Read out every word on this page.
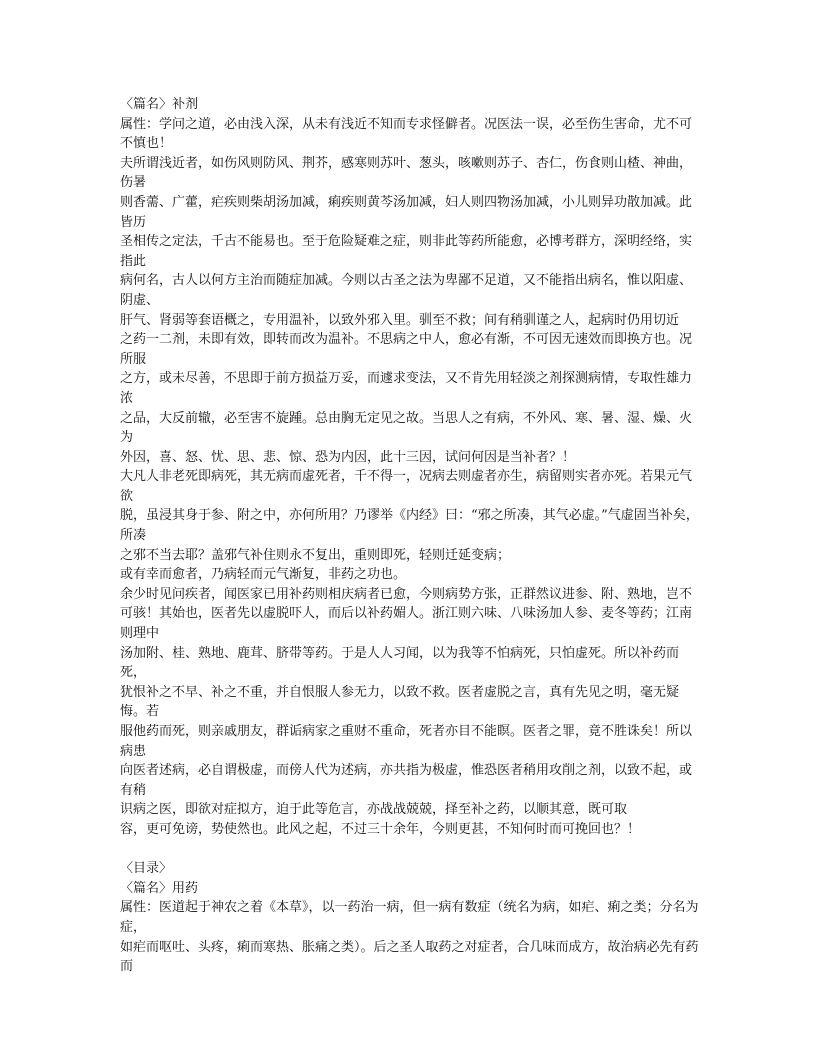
〈篇名〉补剂
属性：学问之道，必由浅入深，从未有浅近不知而专求怪僻者。况医法一误，必至伤生害命，尤不可不慎也！
夫所谓浅近者，如伤风则防风、荆芥，感寒则苏叶、葱头，咳嗽则苏子、杏仁，伤食则山楂、神曲，伤暑
则香薷、广藿，疟疾则柴胡汤加减，痢疾则黄芩汤加减，妇人则四物汤加减，小儿则异功散加减。此皆历
圣相传之定法，千古不能易也。至于危险疑难之症，则非此等药所能愈，必博考群方，深明经络，实指此
病何名，古人以何方主治而随症加减。今则以古圣之法为卑鄙不足道，又不能指出病名，惟以阳虚、阴虚、
肝气、肾弱等套语概之，专用温补，以致外邪入里。驯至不救；间有稍驯谨之人，起病时仍用切近
之药一二剂，未即有效，即转而改为温补。不思病之中人，愈必有渐，不可因无速效而即换方也。况所服
之方，或未尽善，不思即于前方损益万妥，而遽求变法，又不肯先用轻淡之剂探测病情，专取性雄力浓
之品，大反前辙，必至害不旋踵。总由胸无定见之故。当思人之有病，不外风、寒、暑、湿、燥、火为
外因，喜、怒、忧、思、悲、惊、恐为内因，此十三因，试问何因是当补者？！
大凡人非老死即病死，其无病而虚死者，千不得一，况病去则虚者亦生，病留则实者亦死。若果元气欲
脱，虽浸其身于参、附之中，亦何所用？乃谬举《内经》曰：“邪之所凑，其气必虚。”气虚固当补矣，所凑
之邪不当去耶？盖邪气补住则永不复出，重则即死，轻则迁延变病；
或有幸而愈者，乃病轻而元气渐复，非药之功也。
余少时见问疾者，闻医家已用补药则相庆病者已愈，今则病势方张，正群然议进参、附、熟地，岂不
可骇！其始也，医者先以虚脱吓人，而后以补药媚人。浙江则六味、八味汤加人参、麦冬等药；江南则理中
汤加附、桂、熟地、鹿茸、脐带等药。于是人人习闻，以为我等不怕病死，只怕虚死。所以补药而死，
犹恨补之不早、补之不重，并自恨服人参无力，以致不救。医者虚脱之言，真有先见之明，毫无疑悔。若
服他药而死，则亲戚朋友，群诟病家之重财不重命，死者亦目不能瞑。医者之罪，竟不胜诛矣！所以病患
向医者述病，必自谓极虚，而傍人代为述病，亦共指为极虚，惟恐医者稍用攻削之剂，以致不起，或有稍
识病之医，即欲对症拟方，迫于此等危言，亦战战兢兢，择至补之药，以顺其意，既可取
容，更可免谤，势使然也。此风之起，不过三十余年，今则更甚，不知何时而可挽回也？！
〈目录〉
〈篇名〉用药
属性：医道起于神农之着《本草》，以一药治一病，但一病有数症（统名为病，如疟、痢之类；分名为症，
如疟而呕吐、头疼，痢而寒热、胀痛之类）。后之圣人取药之对症者，合几味而成方，故治病必先有药而
